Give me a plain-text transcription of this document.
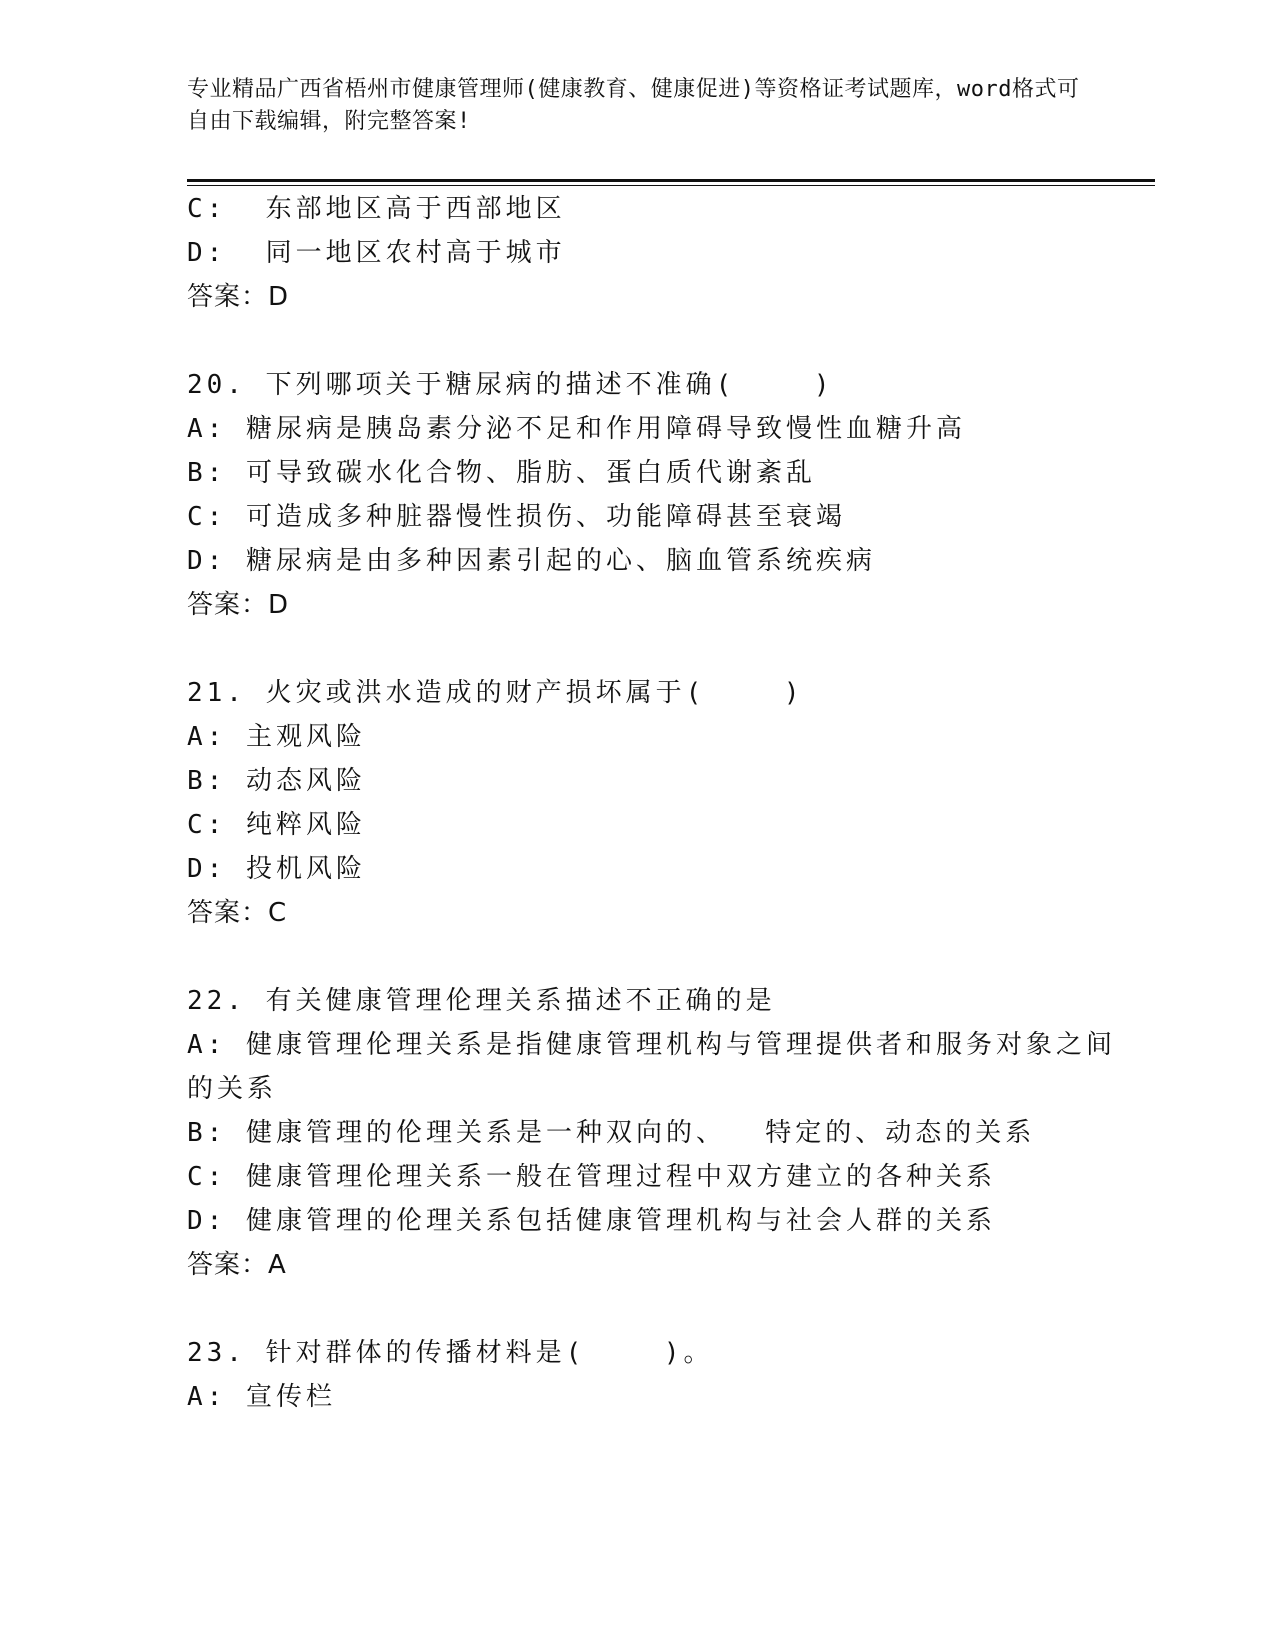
专业精品广西省梧州市健康管理师(健康教育、健康促进)等资格证考试题库，word格式可自由下载编辑，附完整答案!
C:  东部地区高于西部地区
D:  同一地区农村高于城市
答案：D
20. 下列哪项关于糖尿病的描述不准确(    )
A: 糖尿病是胰岛素分泌不足和作用障碍导致慢性血糖升高
B: 可导致碳水化合物、脂肪、蛋白质代谢紊乱
C: 可造成多种脏器慢性损伤、功能障碍甚至衰竭
D: 糖尿病是由多种因素引起的心、脑血管系统疾病
答案：D
21. 火灾或洪水造成的财产损坏属于(    )
A: 主观风险
B: 动态风险
C: 纯粹风险
D: 投机风险
答案：C
22. 有关健康管理伦理关系描述不正确的是
A: 健康管理伦理关系是指健康管理机构与管理提供者和服务对象之间
的关系
B: 健康管理的伦理关系是一种双向的、  特定的、动态的关系
C: 健康管理伦理关系一般在管理过程中双方建立的各种关系
D: 健康管理的伦理关系包括健康管理机构与社会人群的关系
答案：A
23. 针对群体的传播材料是(    )。
A: 宣传栏
